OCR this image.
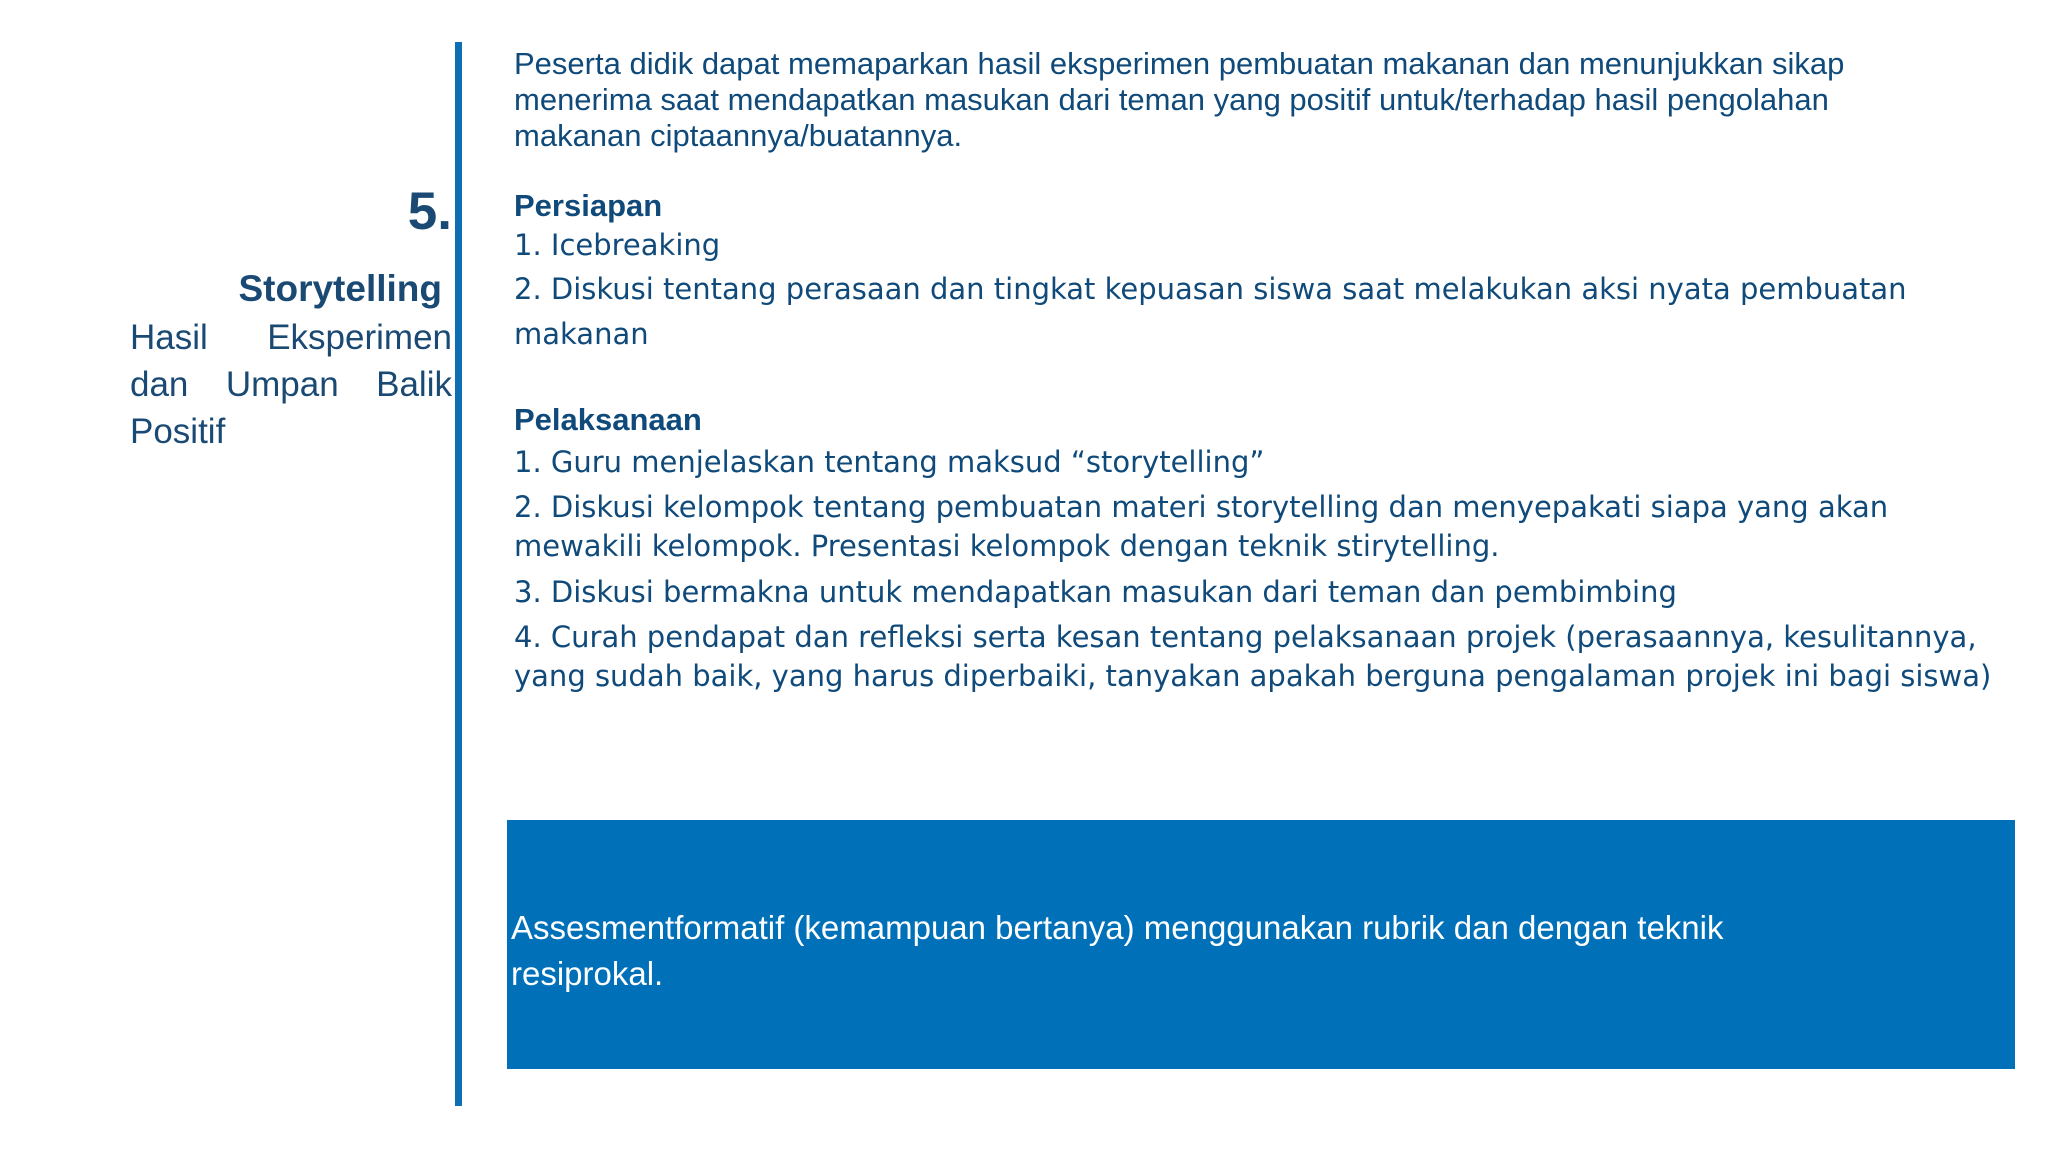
5.
Storytelling
Hasil Eksperimen dan Umpan Balik Positif

Peserta didik dapat memaparkan hasil eksperimen pembuatan makanan dan menunjukkan sikap menerima saat mendapatkan masukan dari teman yang positif untuk/terhadap hasil pengolahan makanan ciptaannya/buatannya.

Persiapan

1. Icebreaking

2. Diskusi tentang perasaan dan tingkat kepuasan siswa saat melakukan aksi nyata pembuatan makanan

Pelaksanaan

1. Guru menjelaskan tentang maksud “storytelling”

2. Diskusi kelompok tentang pembuatan materi storytelling dan menyepakati siapa yang akan mewakili kelompok. Presentasi kelompok dengan teknik stirytelling.

3. Diskusi bermakna untuk mendapatkan masukan dari teman dan pembimbing

4. Curah pendapat dan refleksi serta kesan tentang pelaksanaan projek (perasaannya, kesulitannya, yang sudah baik, yang harus diperbaiki, tanyakan apakah berguna pengalaman projek ini bagi siswa)

Assesmentformatif (kemampuan bertanya) menggunakan rubrik dan dengan teknik resiprokal.
